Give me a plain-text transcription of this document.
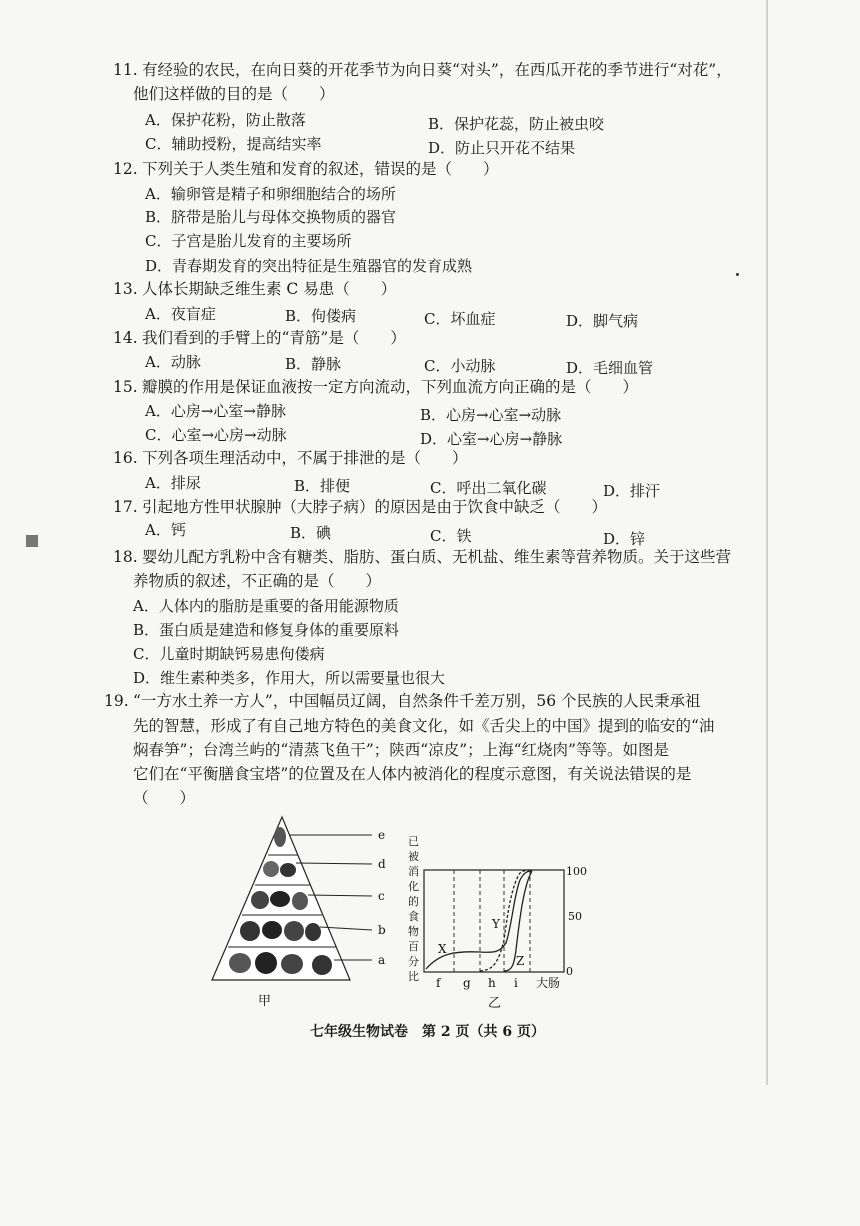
11. 有经验的农民，在向日葵的开花季节为向日葵“对头”，在西瓜开花的季节进行“对花”，
他们这样做的目的是（　　）
A．保护花粉，防止散落	B．保护花蕊，防止被虫咬
C．辅助授粉，提高结实率	D．防止只开花不结果
12. 下列关于人类生殖和发育的叙述，错误的是（　　）
A．输卵管是精子和卵细胞结合的场所
B．脐带是胎儿与母体交换物质的器官
C．子宫是胎儿发育的主要场所
D．青春期发育的突出特征是生殖器官的发育成熟
13. 人体长期缺乏维生素 C 易患（　　）
A．夜盲症	B．佝偻病	C．坏血症	D．脚气病
14. 我们看到的手臂上的“青筋”是（　　）
A．动脉	B．静脉	C．小动脉	D．毛细血管
15. 瓣膜的作用是保证血液按一定方向流动，下列血流方向正确的是（　　）
A．心房→心室→静脉	B．心房→心室→动脉
C．心室→心房→动脉	D．心室→心房→静脉
16. 下列各项生理活动中，不属于排泄的是（　　）
A．排尿	B．排便	C．呼出二氧化碳	D．排汗
17. 引起地方性甲状腺肿（大脖子病）的原因是由于饮食中缺乏（　　）
A．钙	B．碘	C．铁	D．锌
18. 婴幼儿配方乳粉中含有糖类、脂肪、蛋白质、无机盐、维生素等营养物质。关于这些营
养物质的叙述，不正确的是（　　）
A．人体内的脂肪是重要的备用能源物质
B．蛋白质是建造和修复身体的重要原料
C．儿童时期缺钙易患佝偻病
D．维生素种类多，作用大，所以需要量也很大
19. “一方水土养一方人”，中国幅员辽阔，自然条件千差万别，56 个民族的人民秉承祖
先的智慧，形成了有自己地方特色的美食文化，如《舌尖上的中国》提到的临安的“油
焖春笋”；台湾兰屿的“清蒸飞鱼干”；陕西“凉皮”；上海“红烧肉”等等。如图是
它们在“平衡膳食宝塔”的位置及在人体内被消化的程度示意图，有关说法错误的是
（　　）
e
d
c
b
a
甲
已
被
消
化
的
食
物
百
分
比
X
Y
Z
100
50
0
f g h i 大肠
乙
七年级生物试卷　第 2 页（共 6 页）
